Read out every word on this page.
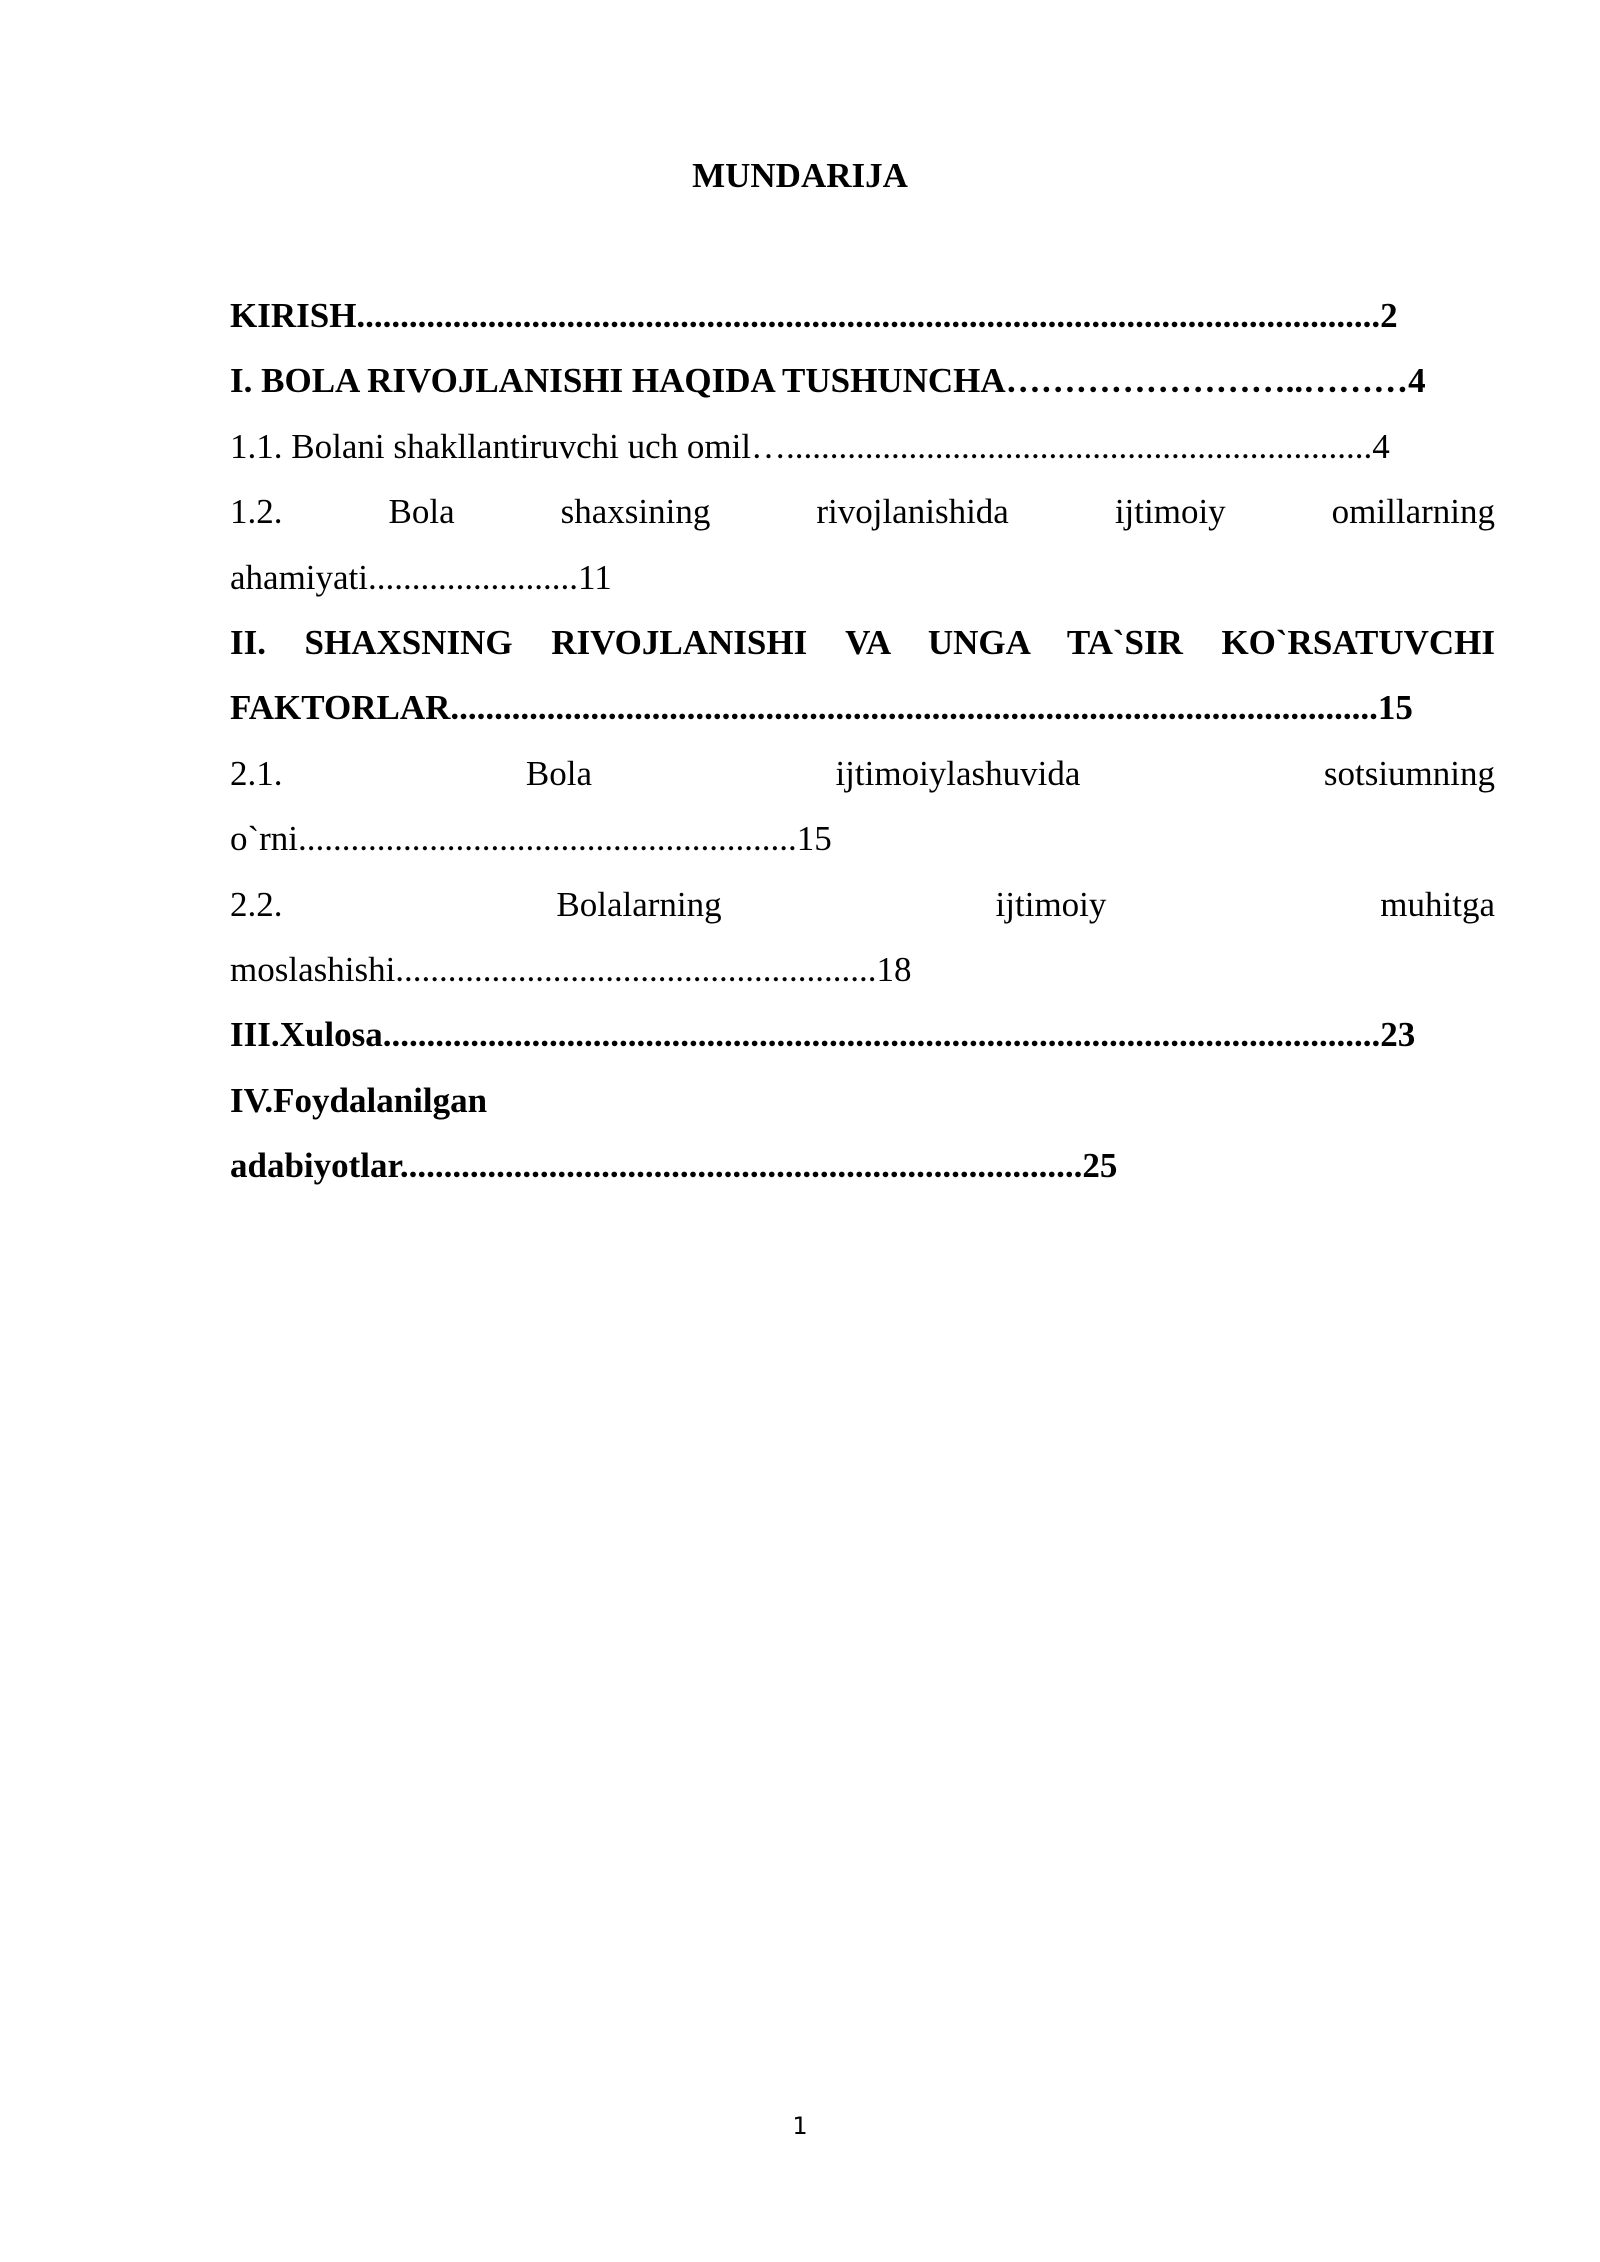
MUNDARIJA

KIRISH.....................................................................................................................2

I. BOLA RIVOJLANISHI HAQIDA TUSHUNCHA……………………..………4

1.1. Bolani shakllantiruvchi uch omil…...................................................................4

1.2. Bola shaxsining rivojlanishida ijtimoiy omillarning

ahamiyati........................11

II. SHAXSNING RIVOJLANISHI VA UNGA TA`SIR KO`RSATUVCHI

FAKTORLAR..........................................................................................................15

2.1. Bola ijtimoiylashuvida sotsiumning

o`rni.........................................................15

2.2. Bolalarning ijtimoiy muhitga

moslashishi.......................................................18

III.Xulosa..................................................................................................................23

IV.Foydalanilgan

adabiyotlar..............................................................................25

1
